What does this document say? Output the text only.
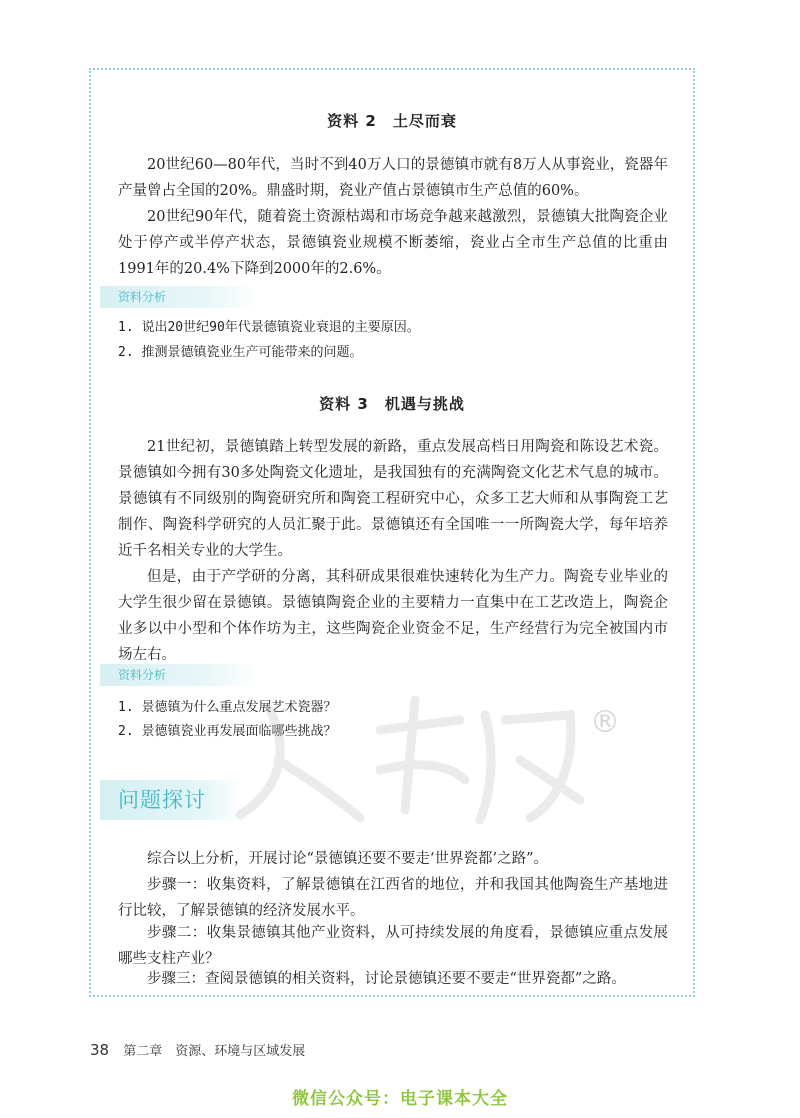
资料 2　土尽而衰

20世纪60—80年代，当时不到40万人口的景德镇市就有8万人从事瓷业，瓷器年产量曾占全国的20%。鼎盛时期，瓷业产值占景德镇市生产总值的60%。

20世纪90年代，随着瓷土资源枯竭和市场竞争越来越激烈，景德镇大批陶瓷企业处于停产或半停产状态，景德镇瓷业规模不断萎缩，瓷业占全市生产总值的比重由1991年的20.4%下降到2000年的2.6%。

资料分析

1. 说出20世纪90年代景德镇瓷业衰退的主要原因。

2. 推测景德镇瓷业生产可能带来的问题。

资料 3　机遇与挑战

21世纪初，景德镇踏上转型发展的新路，重点发展高档日用陶瓷和陈设艺术瓷。景德镇如今拥有30多处陶瓷文化遗址，是我国独有的充满陶瓷文化艺术气息的城市。景德镇有不同级别的陶瓷研究所和陶瓷工程研究中心，众多工艺大师和从事陶瓷工艺制作、陶瓷科学研究的人员汇聚于此。景德镇还有全国唯一一所陶瓷大学，每年培养近千名相关专业的大学生。

但是，由于产学研的分离，其科研成果很难快速转化为生产力。陶瓷专业毕业的大学生很少留在景德镇。景德镇陶瓷企业的主要精力一直集中在工艺改造上，陶瓷企业多以中小型和个体作坊为主，这些陶瓷企业资金不足，生产经营行为完全被国内市场左右。

资料分析

1. 景德镇为什么重点发展艺术瓷器？

2. 景德镇瓷业再发展面临哪些挑战？	®
问题探讨

综合以上分析，开展讨论“景德镇还要不要走‘世界瓷都’之路”。

步骤一：收集资料，了解景德镇在江西省的地位，并和我国其他陶瓷生产基地进行比较，了解景德镇的经济发展水平。

步骤二：收集景德镇其他产业资料，从可持续发展的角度看，景德镇应重点发展哪些支柱产业？

步骤三：查阅景德镇的相关资料，讨论景德镇还要不要走“世界瓷都”之路。

38 第二章　资源、环境与区域发展
微信公众号：电子课本大全
